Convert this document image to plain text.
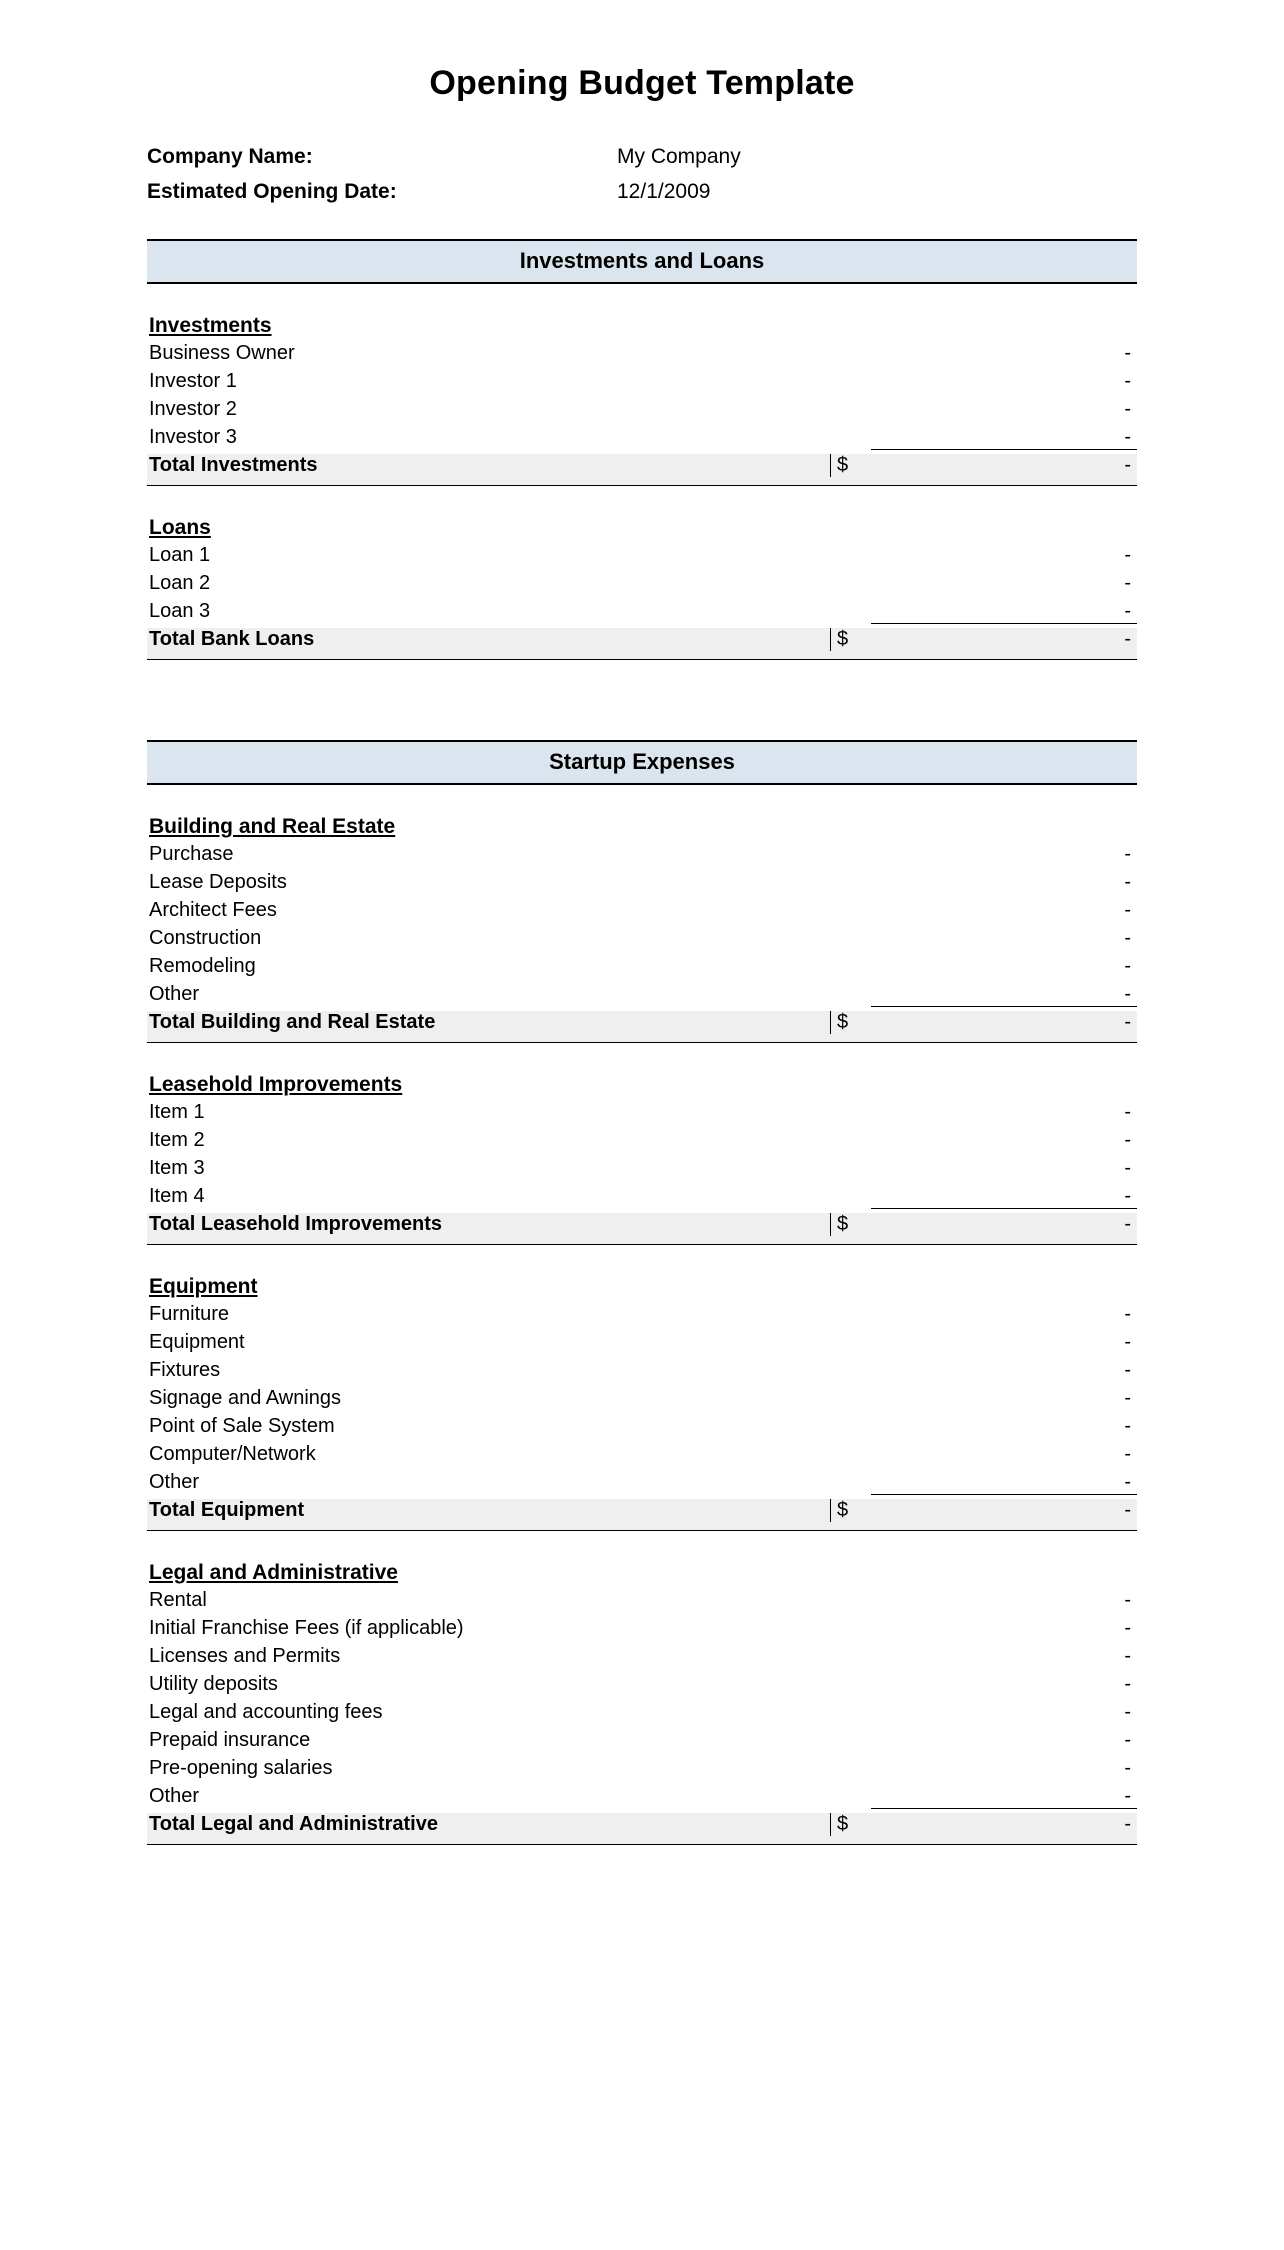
Opening Budget Template
Company Name:	My Company
Estimated Opening Date:	12/1/2009
Investments and Loans
Investments
Business Owner	-
Investor 1	-
Investor 2	-
Investor 3	-
Total Investments	$	-
Loans
Loan 1	-
Loan 2	-
Loan 3	-
Total Bank Loans	$	-
Startup Expenses
Building and Real Estate
Purchase	-
Lease Deposits	-
Architect Fees	-
Construction	-
Remodeling	-
Other	-
Total Building and Real Estate	$	-
Leasehold Improvements
Item 1	-
Item 2	-
Item 3	-
Item 4	-
Total Leasehold Improvements	$	-
Equipment
Furniture	-
Equipment	-
Fixtures	-
Signage and Awnings	-
Point of Sale System	-
Computer/Network	-
Other	-
Total Equipment	$	-
Legal and Administrative
Rental	-
Initial Franchise Fees (if applicable)	-
Licenses and Permits	-
Utility deposits	-
Legal and accounting fees	-
Prepaid insurance	-
Pre-opening salaries	-
Other	-
Total Legal and Administrative	$	-
